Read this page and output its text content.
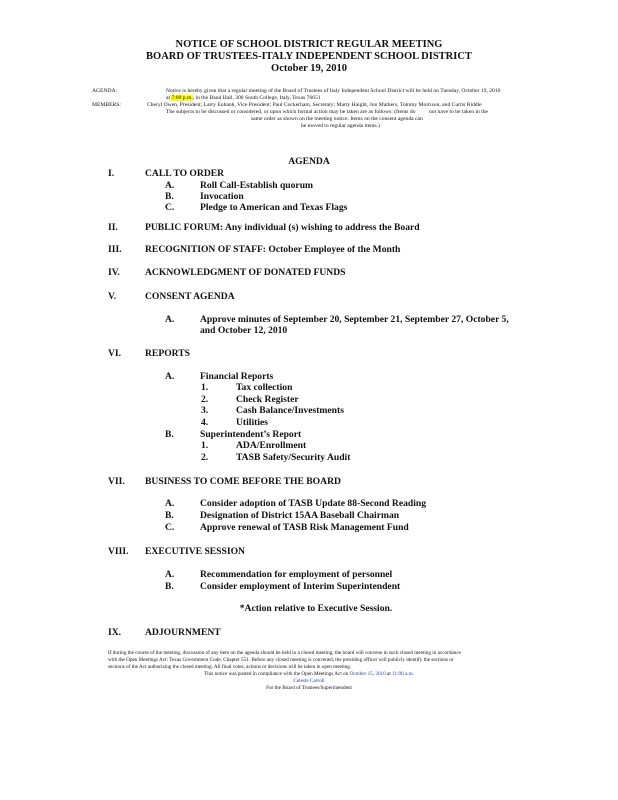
NOTICE OF SCHOOL DISTRICT REGULAR MEETING
BOARD OF TRUSTEES-ITALY INDEPENDENT SCHOOL DISTRICT
October 19, 2010
AGENDA:	Notice is hereby given that a regular meeting of the Board of Trustees of Italy Independent School District will be held on Tuesday, October 19, 2010
at 7:00 p.m., in the Band Hall, 300 South College, Italy, Texas 76651
MEMBERS:	Cheryl Owen, President; Larry Eubank, Vice President; Paul Cockerham, Secretary; Marty Haight, Jon Mathers, Tommy Morrison, and Curtis Riddle
The subjects to be discussed or considered, or upon which formal action may be taken are as follows: (Items do not have to be taken in the
same order as shown on the meeting notice. Items on the consent agenda can
be moved to regular agenda items.)
AGENDA
I.	CALL TO ORDER
A.	Roll Call-Establish quorum
B.	Invocation
C.	Pledge to American and Texas Flags
II.	PUBLIC FORUM: Any individual (s) wishing to address the Board
III. RECOGNITION OF STAFF: October Employee of the Month
IV.	ACKNOWLEDGMENT OF DONATED FUNDS
V.	CONSENT AGENDA
A.	Approve minutes of September 20, September 21, September 27, October 5,
and October 12, 2010
VI. REPORTS
A.	Financial Reports
1.	Tax collection
2.	Check Register
3.	Cash Balance/Investments
4.	Utilities
B.	Superintendent’s Report
1.	ADA/Enrollment
2.	TASB Safety/Security Audit
VII. BUSINESS TO COME BEFORE THE BOARD
A.	Consider adoption of TASB Update 88-Second Reading
B.	Designation of District 15AA Baseball Chairman
C.	Approve renewal of TASB Risk Management Fund
VIII. EXECUTIVE SESSION
A.	Recommendation for employment of personnel
B.	Consider employment of Interim Superintendent
*Action relative to Executive Session.
IX. ADJOURNMENT
If during the course of the meeting, discussion of any item on the agenda should be held in a closed meeting, the board will convene in such closed meeting in accordance
with the Open Meetings Act: Texas Government Code, Chapter 551. Before any closed meeting is convened, the presiding officer will publicly identify the sections or
sections of the Act authorizing the closed meeting. All final votes, actions or decisions will be taken in open meeting.
This notice was posted in compliance with the Open Meetings Act on October 15, 2010 at 11:00 a.m.
Celeste Carroll
For the Board of Trustees/Superintendent
